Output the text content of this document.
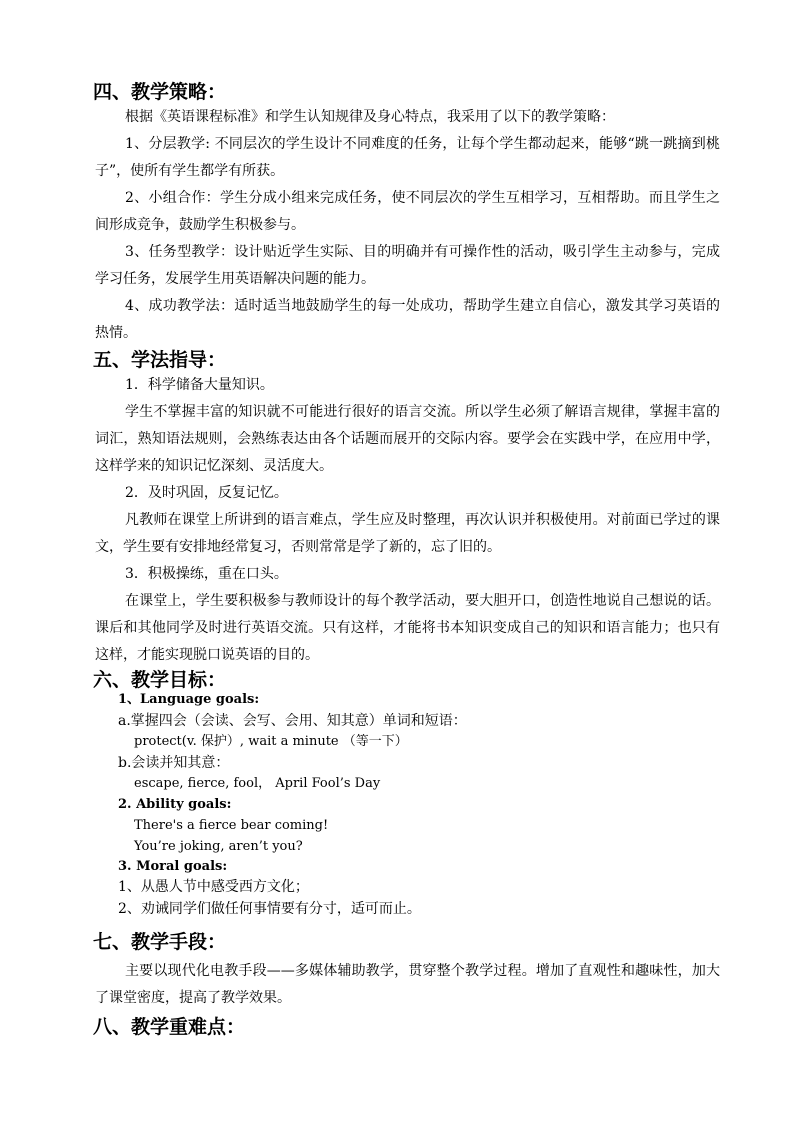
四、教学策略：
根据《英语课程标准》和学生认知规律及身心特点，我采用了以下的教学策略：
1、分层教学: 不同层次的学生设计不同难度的任务，让每个学生都动起来，能够“跳一跳摘到桃子”，使所有学生都学有所获。
2、小组合作：学生分成小组来完成任务，使不同层次的学生互相学习，互相帮助。而且学生之间形成竞争，鼓励学生积极参与。
3、任务型教学：设计贴近学生实际、目的明确并有可操作性的活动，吸引学生主动参与，完成学习任务，发展学生用英语解决问题的能力。
4、成功教学法：适时适当地鼓励学生的每一处成功，帮助学生建立自信心，激发其学习英语的热情。
五、学法指导：
1．科学储备大量知识。
学生不掌握丰富的知识就不可能进行很好的语言交流。所以学生必须了解语言规律，掌握丰富的词汇，熟知语法规则，会熟练表达由各个话题而展开的交际内容。要学会在实践中学，在应用中学，这样学来的知识记忆深刻、灵活度大。
2．及时巩固，反复记忆。
凡教师在课堂上所讲到的语言难点，学生应及时整理，再次认识并积极使用。对前面已学过的课文，学生要有安排地经常复习，否则常常是学了新的，忘了旧的。
3．积极操练，重在口头。
在课堂上，学生要积极参与教师设计的每个教学活动，要大胆开口，创造性地说自己想说的话。课后和其他同学及时进行英语交流。只有这样，才能将书本知识变成自己的知识和语言能力；也只有这样，才能实现脱口说英语的目的。
六、教学目标：
1、Language goals:
a.掌握四会（会读、会写、会用、知其意）单词和短语：
protect(v. 保护）, wait a minute （等一下）
b.会读并知其意：
escape, fierce, fool， April Fool’s Day
2. Ability goals:
There's a fierce bear coming!
You’re joking, aren’t you?
3. Moral goals:
1、从愚人节中感受西方文化；
2、劝诫同学们做任何事情要有分寸，适可而止。
七、教学手段：
主要以现代化电教手段——多媒体辅助教学，贯穿整个教学过程。增加了直观性和趣味性，加大了课堂密度，提高了教学效果。
八、教学重难点：
